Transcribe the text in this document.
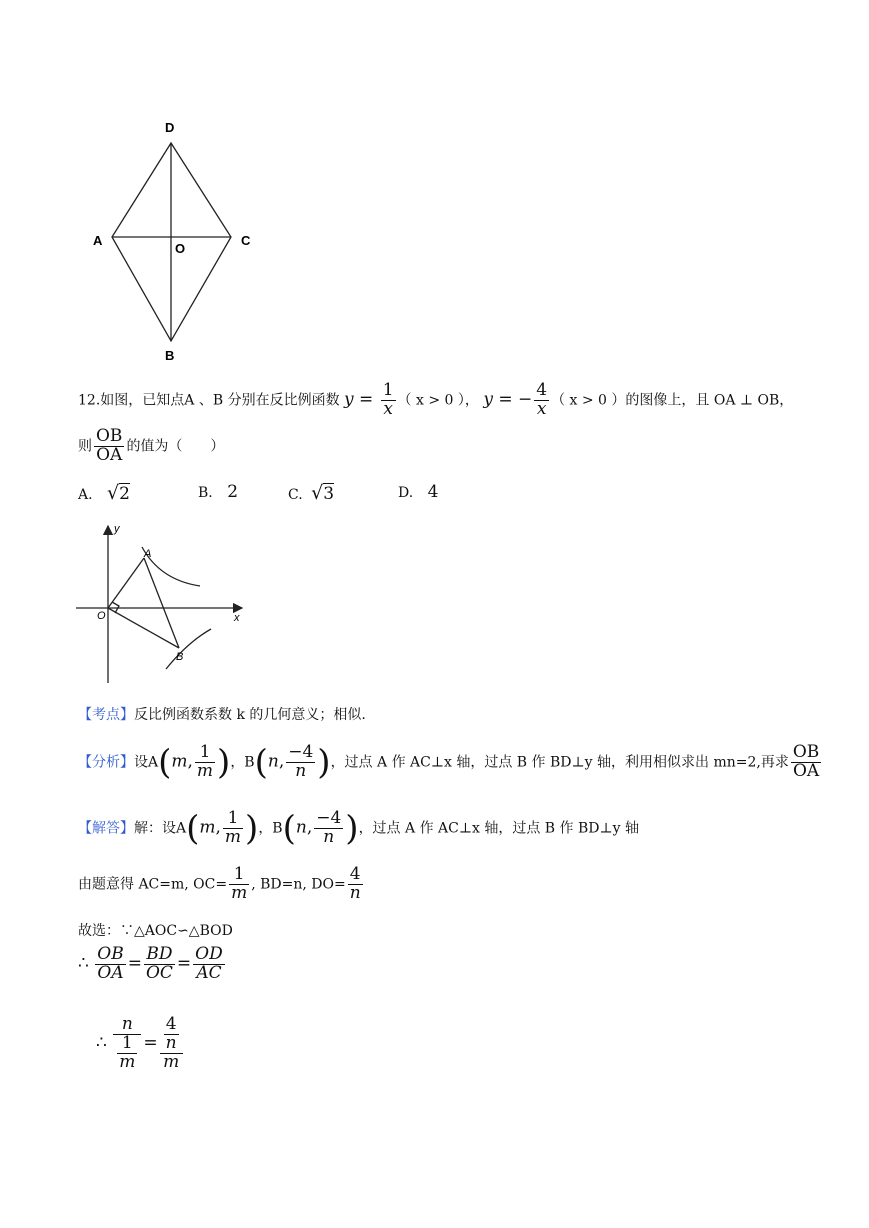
D
A
O
C
B
12.如图，已知点A 、B 分别在反比例函数 $y = \frac{1}{x}$ （ x > 0 ）， y = − $\frac{4}{x}$ （ x > 0 ）的图像上，且 OA ⊥ OB，
则 $\frac{OB}{OA}$ 的值为（　　）
A. √2	B. 2	C. √3	D. 4
y
x
O
A
B
【考点】反比例函数系数 k 的几何意义；相似.
【分析】设A(m, $\frac{1}{m}$ )，B(n, $\frac{-4}{n}$ )，过点 A 作 AC⊥x 轴，过点 B 作 BD⊥y 轴，利用相似求出 mn=2,再求 $\frac{OB}{OA}$
【解答】解：设A(m, $\frac{1}{m}$ )，B(n, $\frac{-4}{n}$ )，过点 A 作 AC⊥x 轴，过点 B 作 BD⊥y 轴
由题意得 AC=m, $OC= \frac{1}{m}$ , BD=n, $DO= \frac{4}{n}$
故选：∵△AOC∽△BOD
∴ $\frac{OB}{OA} = \frac{BD}{OC} = \frac{OD}{AC}$
∴ $\frac{n}{\frac{1}{m}} = \frac{\frac{4}{n}}{m}$
